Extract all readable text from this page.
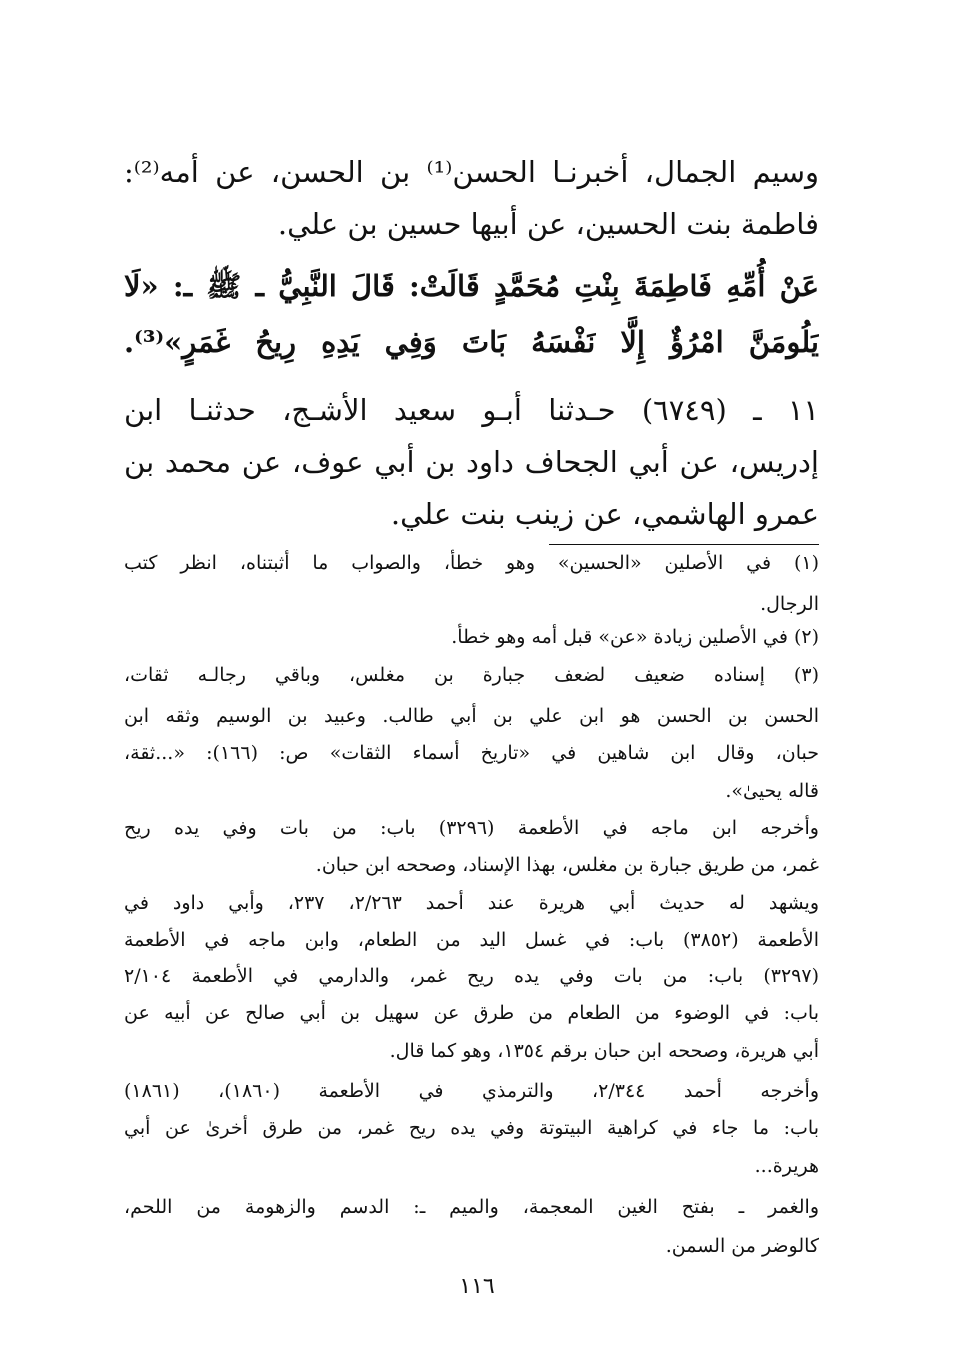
وسيم الجمال، أخبرنـا الحسن⁽¹⁾ بن الحسن، عن أمه⁽²⁾:
فاطمة بنت الحسين، عن أبيها حسين بن علي.
عَنْ أُمِّهِ فَاطِمَةَ بِنْتِ مُحَمَّدٍ قَالَتْ: قَالَ النَّبِيُّ ـ ﷺ ـ: «لَا
يَلُومَنَّ امْرُؤٌ إِلَّا نَفْسَهُ بَاتَ وَفِي يَدِهِ رِيحُ غَمَرٍ»⁽³⁾.
١١ ـ (٦٧٤٩) حـدثنا أبـو سعيد الأشـج، حدثنـا ابن
إدريس، عن أبي الجحاف داود بن أبي عوف، عن محمد بن
عمرو الهاشمي، عن زينب بنت علي.
(١) في الأصلين «الحسين» وهو خطأ، والصواب ما أثبتناه، انظر كتب
الرجال.
(٢) في الأصلين زيادة «عن» قبل أمه وهو خطأ.
(٣) إسناده ضعيف لضعف جبارة بن مغلس، وباقي رجالـه ثقات،
الحسن بن الحسن هو ابن علي بن أبي طالب. وعبيد بن الوسيم وثقه ابن
حبان، وقال ابن شاهين في «تاريخ أسماء الثقات» ص: (١٦٦): «...ثقة،
قاله يحيىٰ».
وأخرجه ابن ماجه في الأطعمة (٣٢٩٦) باب: من بات وفي يده ريح
غمر، من طريق جبارة بن مغلس، بهذا الإسناد، وصححه ابن حبان.
ويشهد له حديث أبي هريرة عند أحمد ٢/٢٦٣، ٢٣٧، وأبي داود في
الأطعمة (٣٨٥٢) باب: في غسل اليد من الطعام، وابن ماجه في الأطعمة
(٣٢٩٧) باب: من بات وفي يده ريح غمر، والدارمي في الأطعمة ٢/١٠٤
باب: في الوضوء من الطعام من طرق عن سهيل بن أبي صالح عن أبيه عن
أبي هريرة، وصححه ابن حبان برقم ١٣٥٤، وهو كما قال.
وأخرجه أحمد ٢/٣٤٤، والترمذي في الأطعمة (١٨٦٠)، (١٨٦١)
باب: ما جاء في كراهية البيتوتة وفي يده ريح غمر، من طرق أخرىٰ عن أبي
هريرة...
والغمر ـ بفتح الغين المعجمة، والميم ـ: الدسم والزهومة من اللحم،
كالوضر من السمن.
١١٦
